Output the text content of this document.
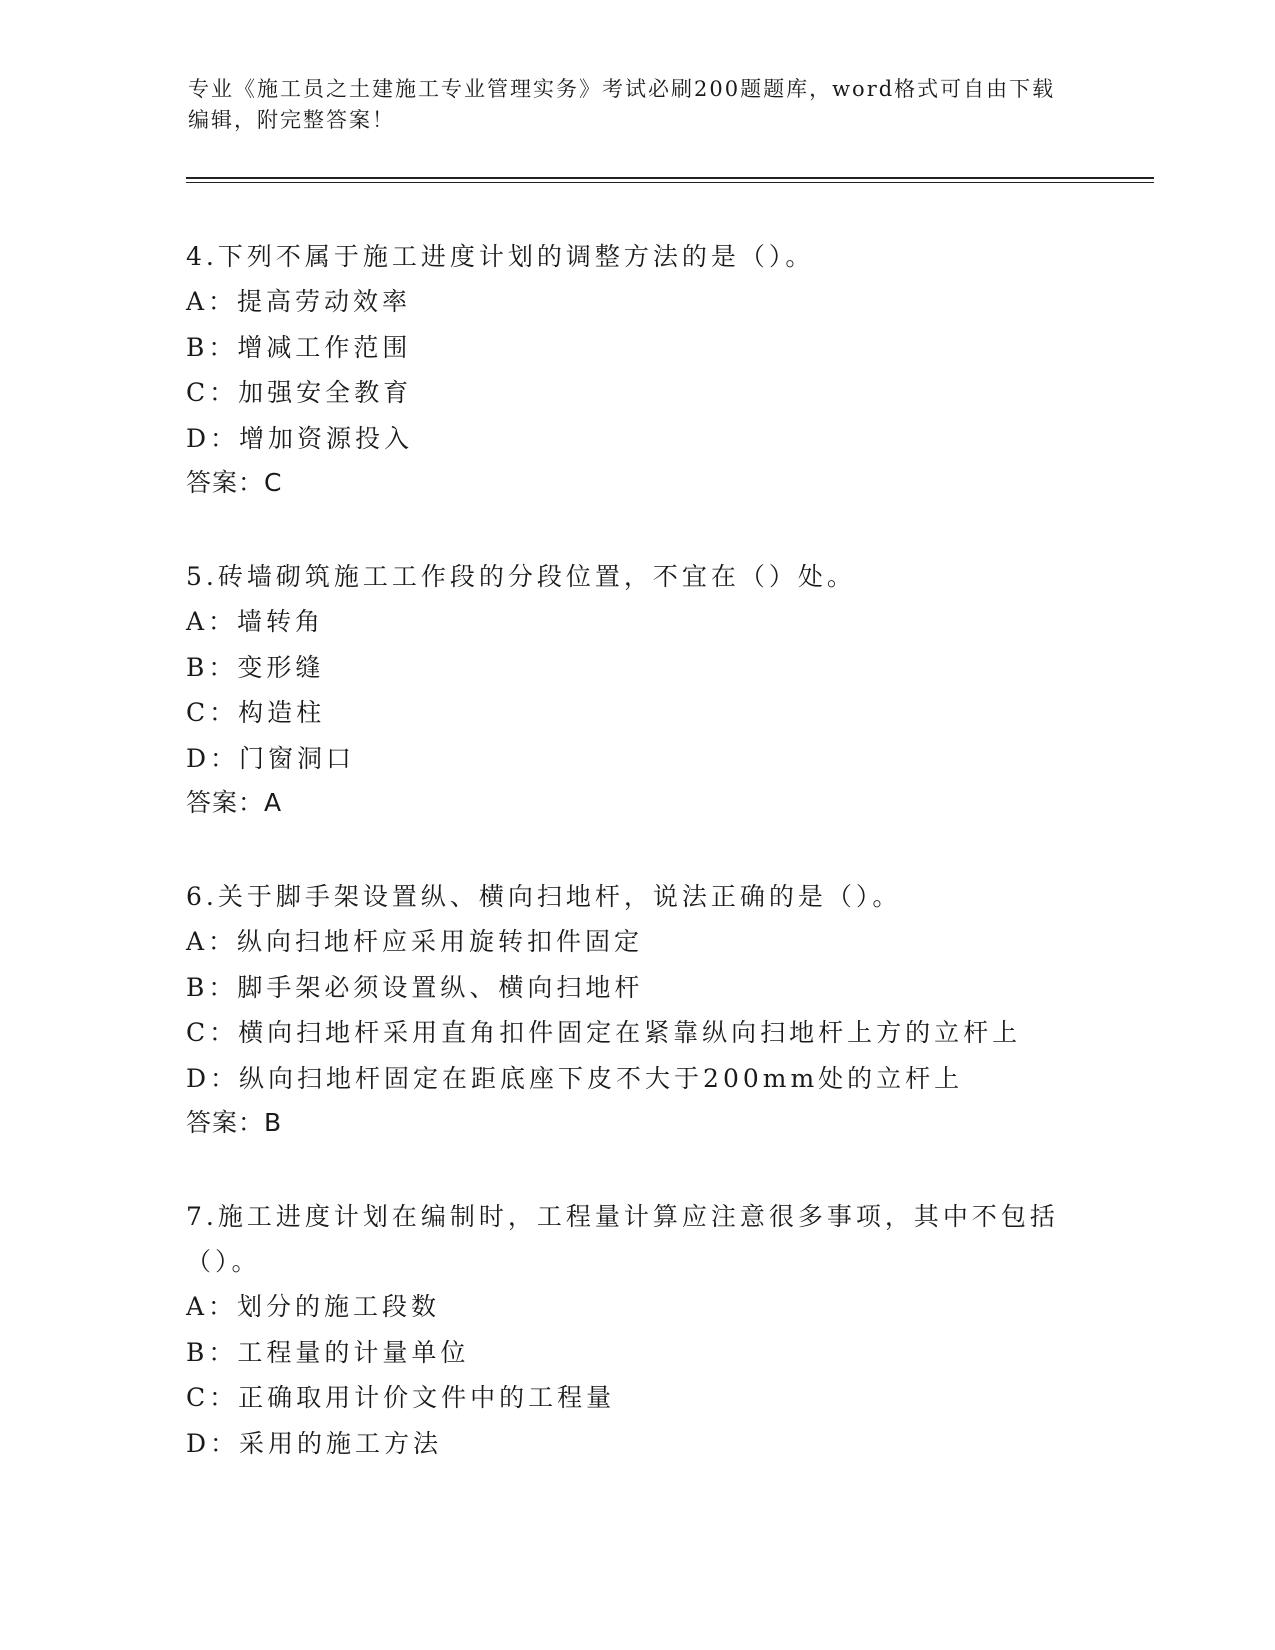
专业《施工员之土建施工专业管理实务》考试必刷200题题库，word格式可自由下载编辑，附完整答案！

4.下列不属于施工进度计划的调整方法的是（）。

A：提高劳动效率

B：增减工作范围

C：加强安全教育

D：增加资源投入

答案：C

5.砖墙砌筑施工工作段的分段位置，不宜在（）处。

A：墙转角

B：变形缝

C：构造柱

D：门窗洞口

答案：A

6.关于脚手架设置纵、横向扫地杆，说法正确的是（）。

A：纵向扫地杆应采用旋转扣件固定

B：脚手架必须设置纵、横向扫地杆

C：横向扫地杆采用直角扣件固定在紧靠纵向扫地杆上方的立杆上

D：纵向扫地杆固定在距底座下皮不大于200mm处的立杆上

答案：B

7.施工进度计划在编制时，工程量计算应注意很多事项，其中不包括（）。

A：划分的施工段数

B：工程量的计量单位

C：正确取用计价文件中的工程量

D：采用的施工方法
